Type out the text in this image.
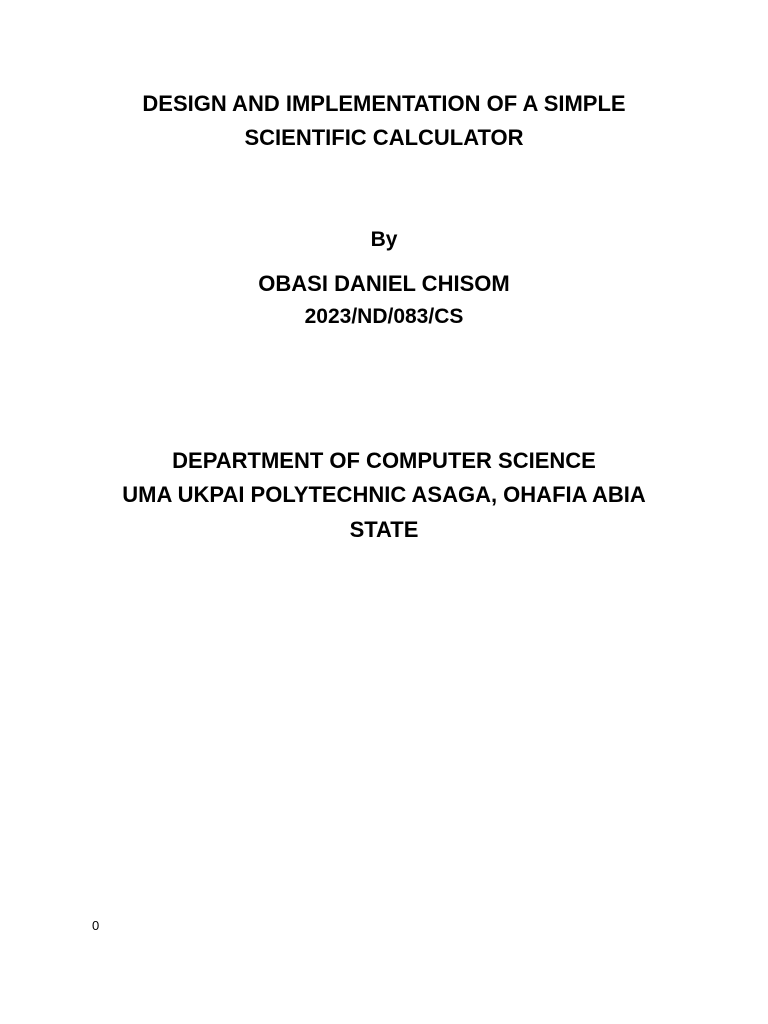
DESIGN AND IMPLEMENTATION OF A SIMPLE
SCIENTIFIC CALCULATOR
By
OBASI DANIEL CHISOM
2023/ND/083/CS
DEPARTMENT OF COMPUTER SCIENCE
UMA UKPAI POLYTECHNIC ASAGA, OHAFIA ABIA
STATE
0
